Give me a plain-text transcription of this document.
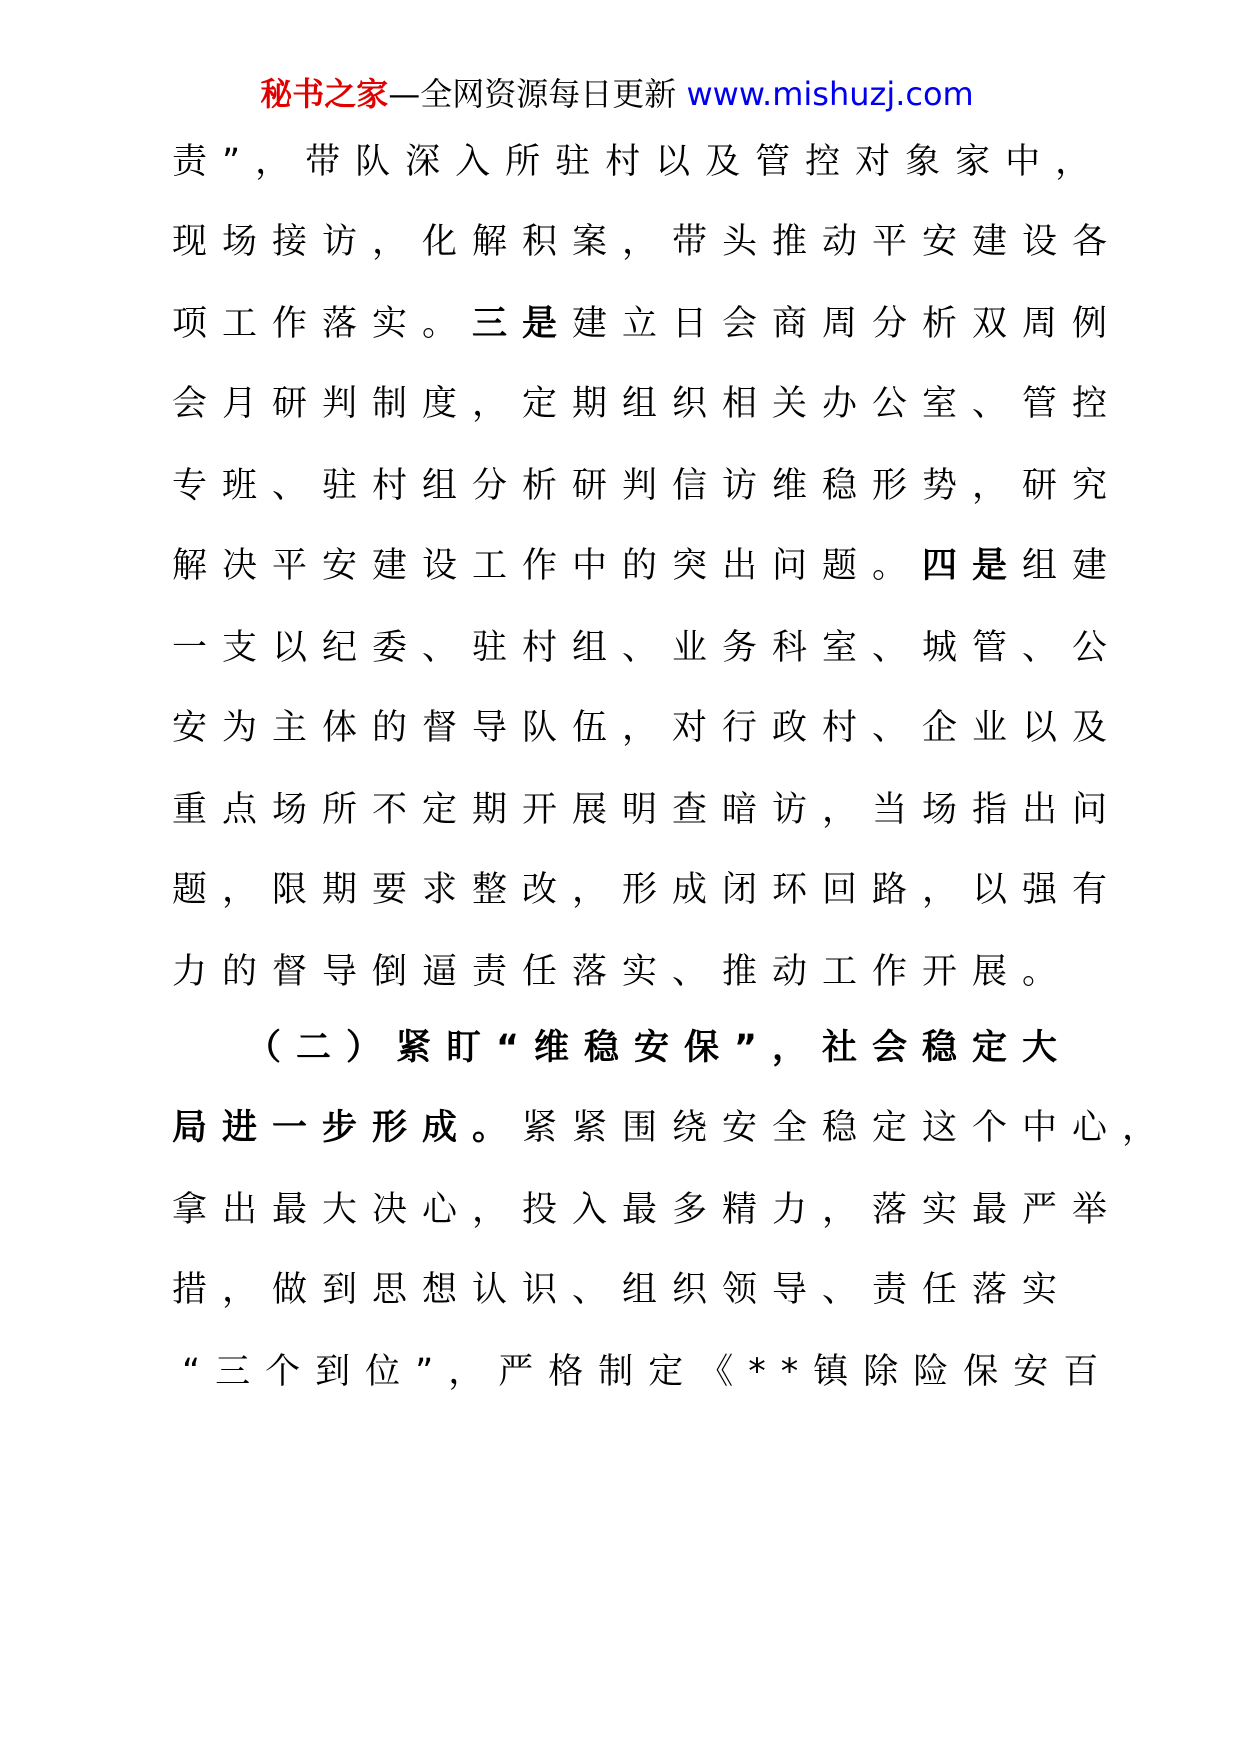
秘书之家—全网资源每日更新 www.mishuzj.com
责”，带队深入所驻村以及管控对象家中，
现场接访，化解积案，带头推动平安建设各
项工作落实。三是建立日会商周分析双周例
会月研判制度，定期组织相关办公室、管控
专班、驻村组分析研判信访维稳形势，研究
解决平安建设工作中的突出问题。四是组建
一支以纪委、驻村组、业务科室、城管、公
安为主体的督导队伍，对行政村、企业以及
重点场所不定期开展明查暗访，当场指出问
题，限期要求整改，形成闭环回路，以强有
力的督导倒逼责任落实、推动工作开展。
（二）紧盯“维稳安保”，社会稳定大
局进一步形成。紧紧围绕安全稳定这个中心，
拿出最大决心，投入最多精力，落实最严举
措，做到思想认识、组织领导、责任落实
“三个到位”，严格制定《**镇除险保安百
